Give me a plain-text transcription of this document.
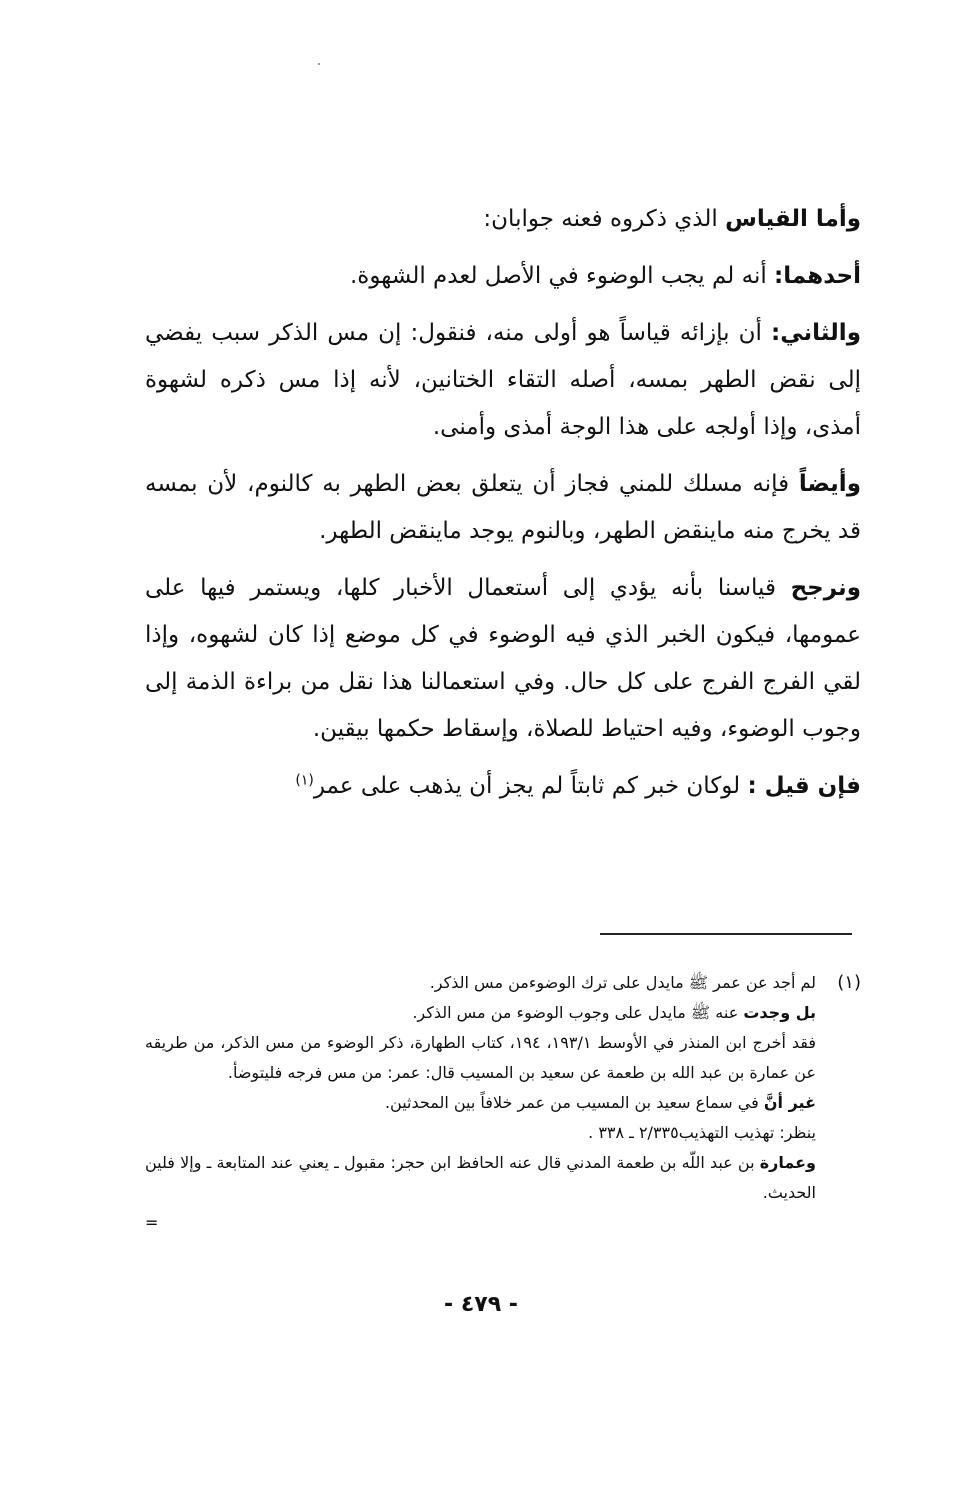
وأما القياس الذي ذكروه فعنه جوابان:

أحدهما: أنه لم يجب الوضوء في الأصل لعدم الشهوة.

والثاني: أن بإزائه قياساً هو أولى منه، فنقول: إن مس الذكر سبب يفضي إلى نقض الطهر بمسه، أصله التقاء الختانين، لأنه إذا مس ذكره لشهوة أمذى، وإذا أولجه على هذا الوجة أمذى وأمنى.

وأيضاً فإنه مسلك للمني فجاز أن يتعلق بعض الطهر به كالنوم، لأن بمسه قد يخرج منه ماينقض الطهر، وبالنوم يوجد ماينقض الطهر.

ونرجح قياسنا بأنه يؤدي إلى أستعمال الأخبار كلها، ويستمر فيها على عمومها، فيكون الخبر الذي فيه الوضوء في كل موضع إذا كان لشهوه، وإذا لقي الفرج الفرج على كل حال. وفي استعمالنا هذا نقل من براءة الذمة إلى وجوب الوضوء، وفيه احتياط للصلاة، وإسقاط حكمها بيقين.

فإن قيل : لوكان خبر كم ثابتاً لم يجز أن يذهب على عمر$^{(١)}$

(١)
لم أجد عن عمر ﷺ مايدل على ترك الوضوءمن مس الذكر.
بل وجدت عنه ﷺ مايدل على وجوب الوضوء من مس الذكر.
فقد أخرج ابن المنذر في الأوسط ١٩٣/١، ١٩٤، كتاب الطهارة، ذكر الوضوء من مس الذكر، من طريقه عن عمارة بن عبد الله بن طعمة عن سعيد بن المسيب قال: عمر: من مس فرجه فليتوضأ.
غير أنَّ في سماع سعيد بن المسيب من عمر خلافاً بين المحدثين.
ينظر: تهذيب التهذيب٢/٣٣٥ ـ ٣٣٨ .
وعمارة بن عبد اللّه بن طعمة المدني قال عنه الحافظ ابن حجر: مقبول ـ يعني عند المتابعة ـ وإلا فلين الحديث.
=
- ٤٧٩ -
